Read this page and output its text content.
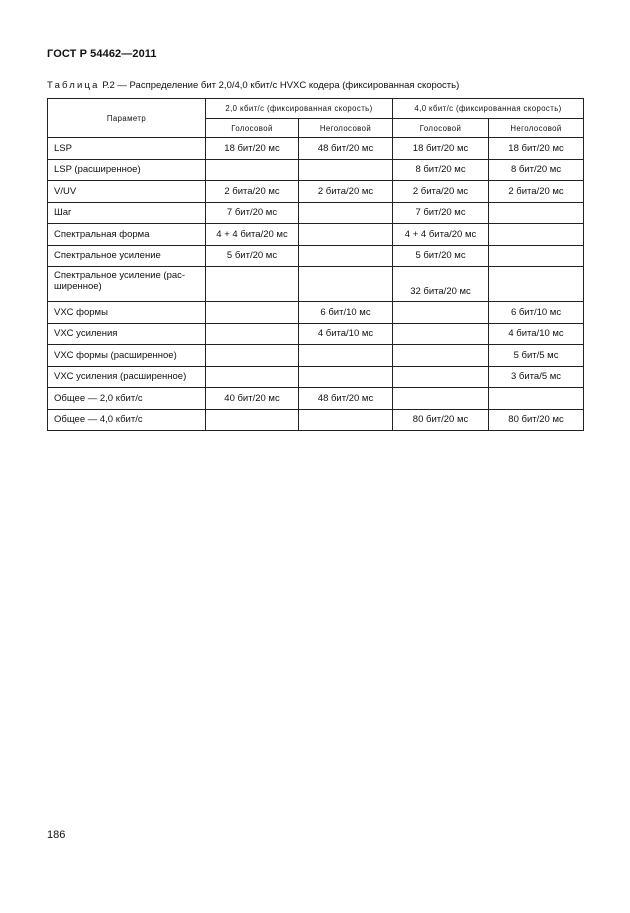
ГОСТ Р 54462—2011
Таблица Р.2 — Распределение бит 2,0/4,0 кбит/с HVXC кодера (фиксированная скорость)
Параметр	2,0 кбит/с (фиксированная скорость)		4,0 кбит/с (фиксированная скорость)	
	Голосовой	Неголосовой	Голосовой	Неголосовой
LSP	18 бит/20 мс	48 бит/20 мс	18 бит/20 мс	18 бит/20 мс
LSP (расширенное)			8 бит/20 мс	8 бит/20 мс
V/UV	2 бита/20 мс	2 бита/20 мс	2 бита/20 мс	2 бита/20 мс
Шаг	7 бит/20 мс		7 бит/20 мс	
Спектральная форма	4 + 4 бита/20 мс		4 + 4 бита/20 мс	
Спектральное усиление	5 бит/20 мс		5 бит/20 мс	
Спектральное усиление (рас-
ширенное)			32 бита/20 мс	
VXC формы		6 бит/10 мс		6 бит/10 мс
VXC усиления		4 бита/10 мс		4 бита/10 мс
VXC формы (расширенное)				5 бит/5 мс
VXC усиления (расширенное)				3 бита/5 мс
Общее — 2,0 кбит/с	40 бит/20 мс	48 бит/20 мс		
Общее — 4,0 кбит/с			80 бит/20 мс	80 бит/20 мс
186
